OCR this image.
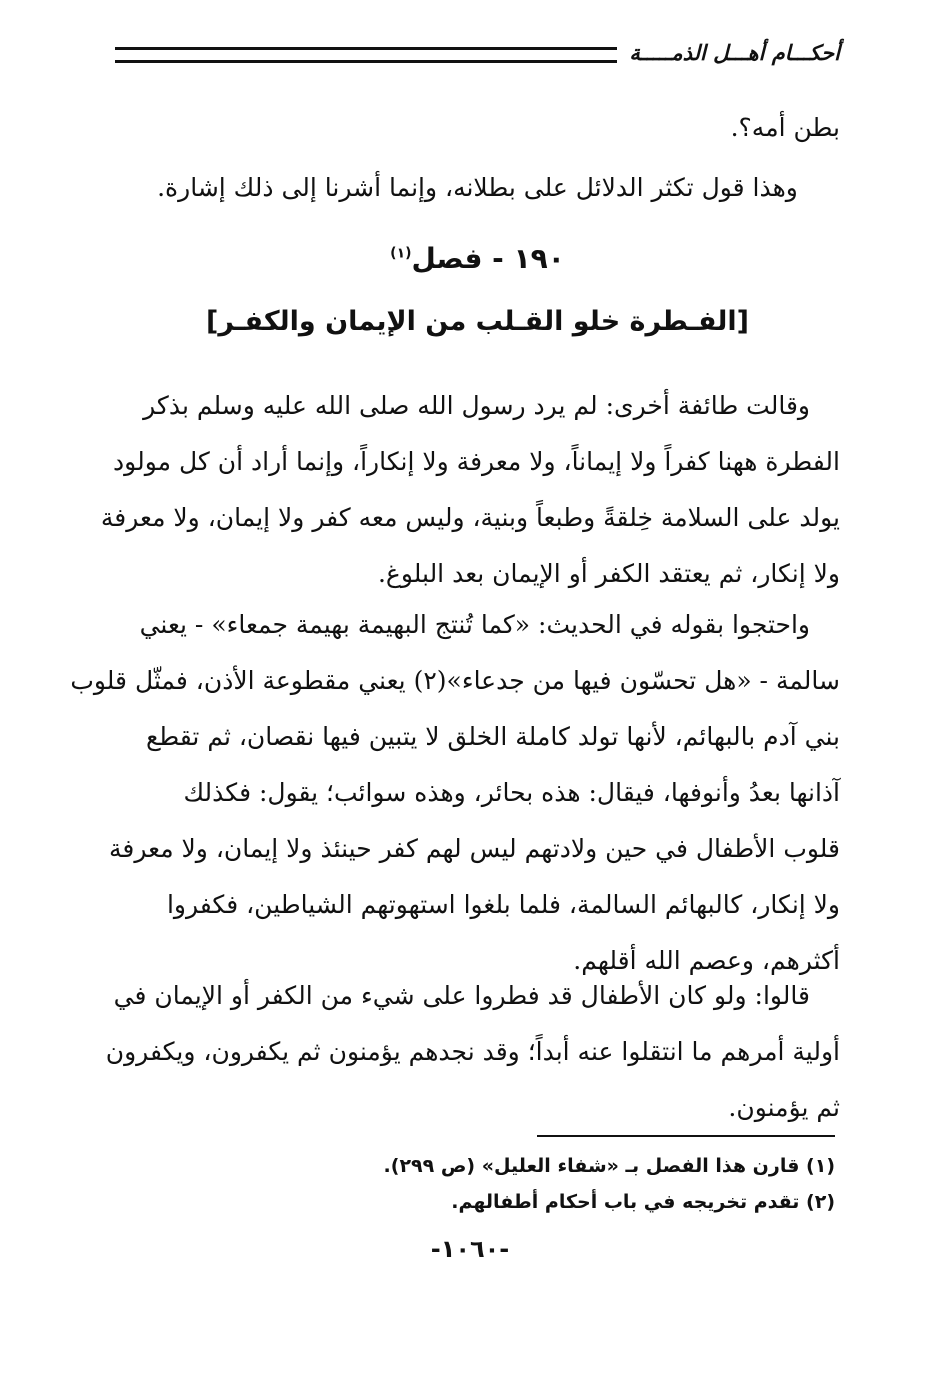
أحكـــام أهـــل الذمـــــة
بطن أمه؟.
وهذا قول تكثر الدلائل على بطلانه، وإنما أشرنا إلى ذلك إشارة.
١٩٠ - فصل$^{(١)}$
[الفـطرة خلو القـلب من الإيمان والكفـر]
وقالت طائفة أخرى: لم يرد رسول الله صلى الله عليه وسلم بذكر
الفطرة ههنا كفراً ولا إيماناً، ولا معرفة ولا إنكاراً، وإنما أراد أن كل مولود
يولد على السلامة خِلقةً وطبعاً وبنية، وليس معه كفر ولا إيمان، ولا معرفة
ولا إنكار، ثم يعتقد الكفر أو الإيمان بعد البلوغ.
واحتجوا بقوله في الحديث: «كما تُنتج البهيمة بهيمة جمعاء» - يعني
سالمة - «هل تحسّون فيها من جدعاء»(٢) يعني مقطوعة الأذن، فمثّل قلوب
بني آدم بالبهائم، لأنها تولد كاملة الخلق لا يتبين فيها نقصان، ثم تقطع
آذانها بعدُ وأنوفها، فيقال: هذه بحائر، وهذه سوائب؛ يقول: فكذلك
قلوب الأطفال في حين ولادتهم ليس لهم كفر حينئذ ولا إيمان، ولا معرفة
ولا إنكار، كالبهائم السالمة، فلما بلغوا استهوتهم الشياطين، فكفروا
أكثرهم، وعصم الله أقلهم.
قالوا: ولو كان الأطفال قد فطروا على شيء من الكفر أو الإيمان في
أولية أمرهم ما انتقلوا عنه أبداً؛ وقد نجدهم يؤمنون ثم يكفرون، ويكفرون
ثم يؤمنون.
(١) قارن هذا الفصل بـ «شفاء العليل» (ص ٢٩٩).
(٢) تقدم تخريجه في باب أحكام أطفالهم.
-١٠٦٠-
